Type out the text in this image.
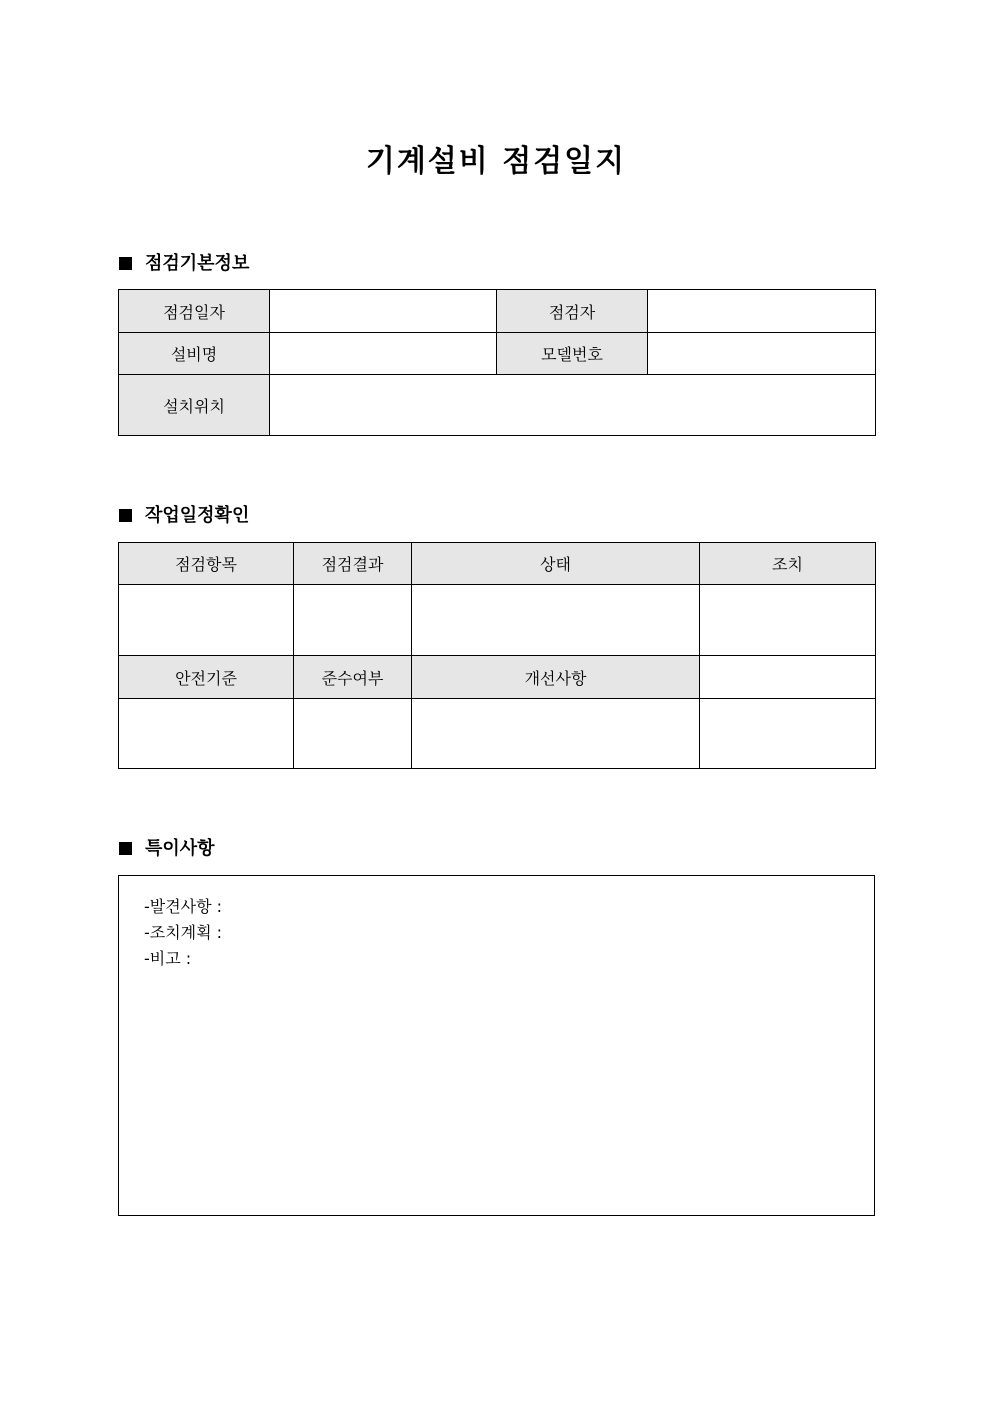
기계설비 점검일지
점검기본정보
점검일자		점검자	
설비명		모델번호	
설치위치			
작업일정확인
점검항목	점검결과	상태	조치

안전기준	준수여부	개선사항	

특이사항
-발견사항 :
-조치계획 :
-비고 :
